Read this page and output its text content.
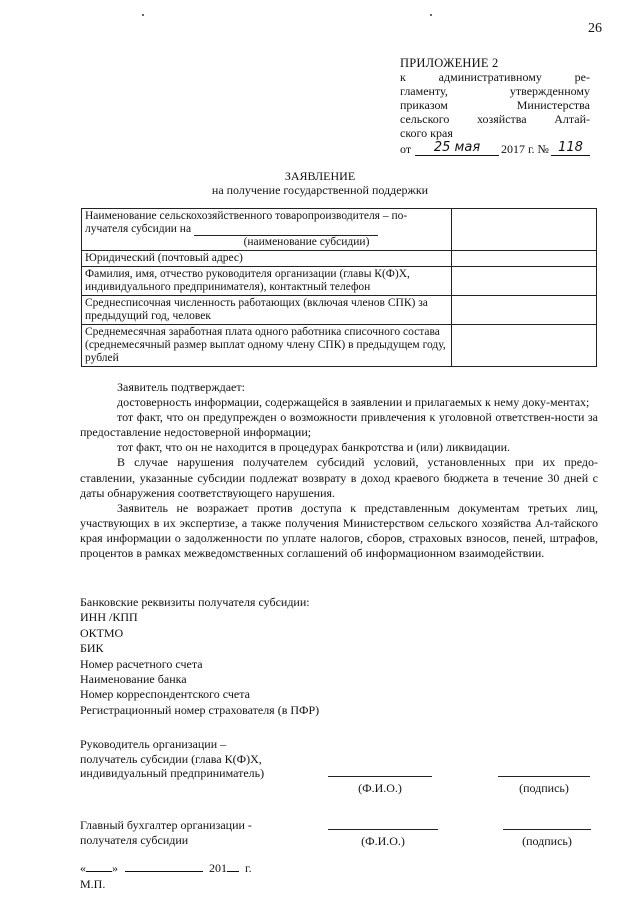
26
ПРИЛОЖЕНИЕ 2
к	административному	ре-
гламенту,	утвержденному
приказом	Министерства
сельского хозяйства Алтай-
ского края
от	25 мая	2017 г. № 118
ЗАЯВЛЕНИЕ
на получение государственной поддержки
Наименование сельскохозяйственного товаропроизводителя – по-
лучателя субсидии на
(наименование субсидии)	

Юридический (почтовый адрес)	
Фамилия, имя, отчество руководителя организации (главы К(Ф)Х, индивидуального предпринимателя), контактный телефон	
Среднесписочная численность работающих (включая членов СПК) за предыдущий год, человек	
Среднемесячная заработная плата одного работника списочного состава (среднемесячный размер выплат одному члену СПК) в предыдущем году, рублей	

Заявитель подтверждает:

достоверность информации, содержащейся в заявлении и прилагаемых к нему доку-ментах;

тот факт, что он предупрежден о возможности привлечения к уголовной ответствен-ности за предоставление недостоверной информации;

тот факт, что он не находится в процедурах банкротства и (или) ликвидации.

В случае нарушения получателем субсидий условий, установленных при их предо-ставлении, указанные субсидии подлежат возврату в доход краевого бюджета в течение 30 дней с даты обнаружения соответствующего нарушения.

Заявитель не возражает против доступа к представленным документам третьих лиц, участвующих в их экспертизе, а также получения Министерством сельского хозяйства Ал-тайского края информации о задолженности по уплате налогов, сборов, страховых взносов, пеней, штрафов, процентов в рамках межведомственных соглашений об информационном взаимодействии.

Банковские реквизиты получателя субсидии:
ИНН /КПП
ОКТМО
БИК
Номер расчетного счета
Наименование банка
Номер корреспондентского счета
Регистрационный номер страхователя (в ПФР)
Руководитель организации –
получатель субсидии (глава К(Ф)Х,
индивидуальный предприниматель)
(Ф.И.О.)	(подпись)
Главный бухгалтер организации -
получателя субсидии	(Ф.И.О.)	(подпись)
« »	201 г.
М.П.
